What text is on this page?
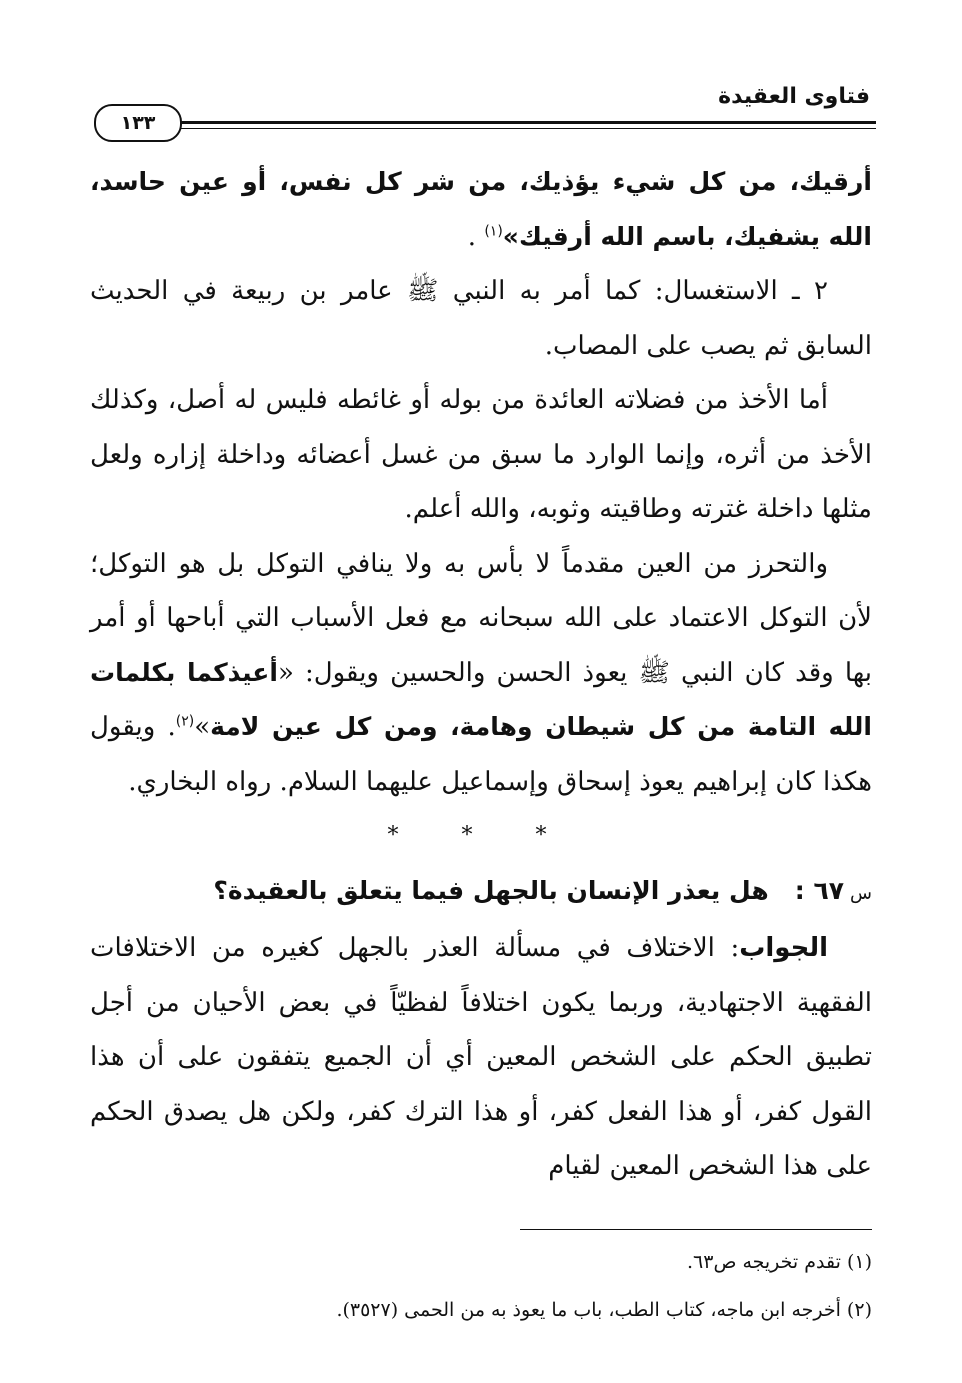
فتاوى العقيدة
١٣٣

أرقيك، من كل شيء يؤذيك، من شر كل نفس، أو عين حاسد، الله يشفيك، باسم الله أرقيك»$^{(١)}$ .

٢ ـ الاستغسال: كما أمر به النبي ﷺ عامر بن ربيعة في الحديث السابق ثم يصب على المصاب.

أما الأخذ من فضلاته العائدة من بوله أو غائطه فليس له أصل، وكذلك الأخذ من أثره، وإنما الوارد ما سبق من غسل أعضائه وداخلة إزاره ولعل مثلها داخلة غترته وطاقيته وثوبه، والله أعلم.

والتحرز من العين مقدماً لا بأس به ولا ينافي التوكل بل هو التوكل؛ لأن التوكل الاعتماد على الله سبحانه مع فعل الأسباب التي أباحها أو أمر بها وقد كان النبي ﷺ يعوذ الحسن والحسين ويقول: «أعيذكما بكلمات الله التامة من كل شيطان وهامة، ومن كل عين لامة»$^{(٢)}$. ويقول هكذا كان إبراهيم يعوذ إسحاق وإسماعيل عليهما السلام. رواه البخاري.

* * *

س٦٧ :   هل يعذر الإنسان بالجهل فيما يتعلق بالعقيدة؟

الجواب: الاختلاف في مسألة العذر بالجهل كغيره من الاختلافات الفقهية الاجتهادية، وربما يكون اختلافاً لفظيّاً في بعض الأحيان من أجل تطبيق الحكم على الشخص المعين أي أن الجميع يتفقون على أن هذا القول كفر، أو هذا الفعل كفر، أو هذا الترك كفر، ولكن هل يصدق الحكم على هذا الشخص المعين لقيام

(١) تقدم تخريجه ص٦٣.

(٢) أخرجه ابن ماجه، كتاب الطب، باب ما يعوذ به من الحمى (٣٥٢٧).
